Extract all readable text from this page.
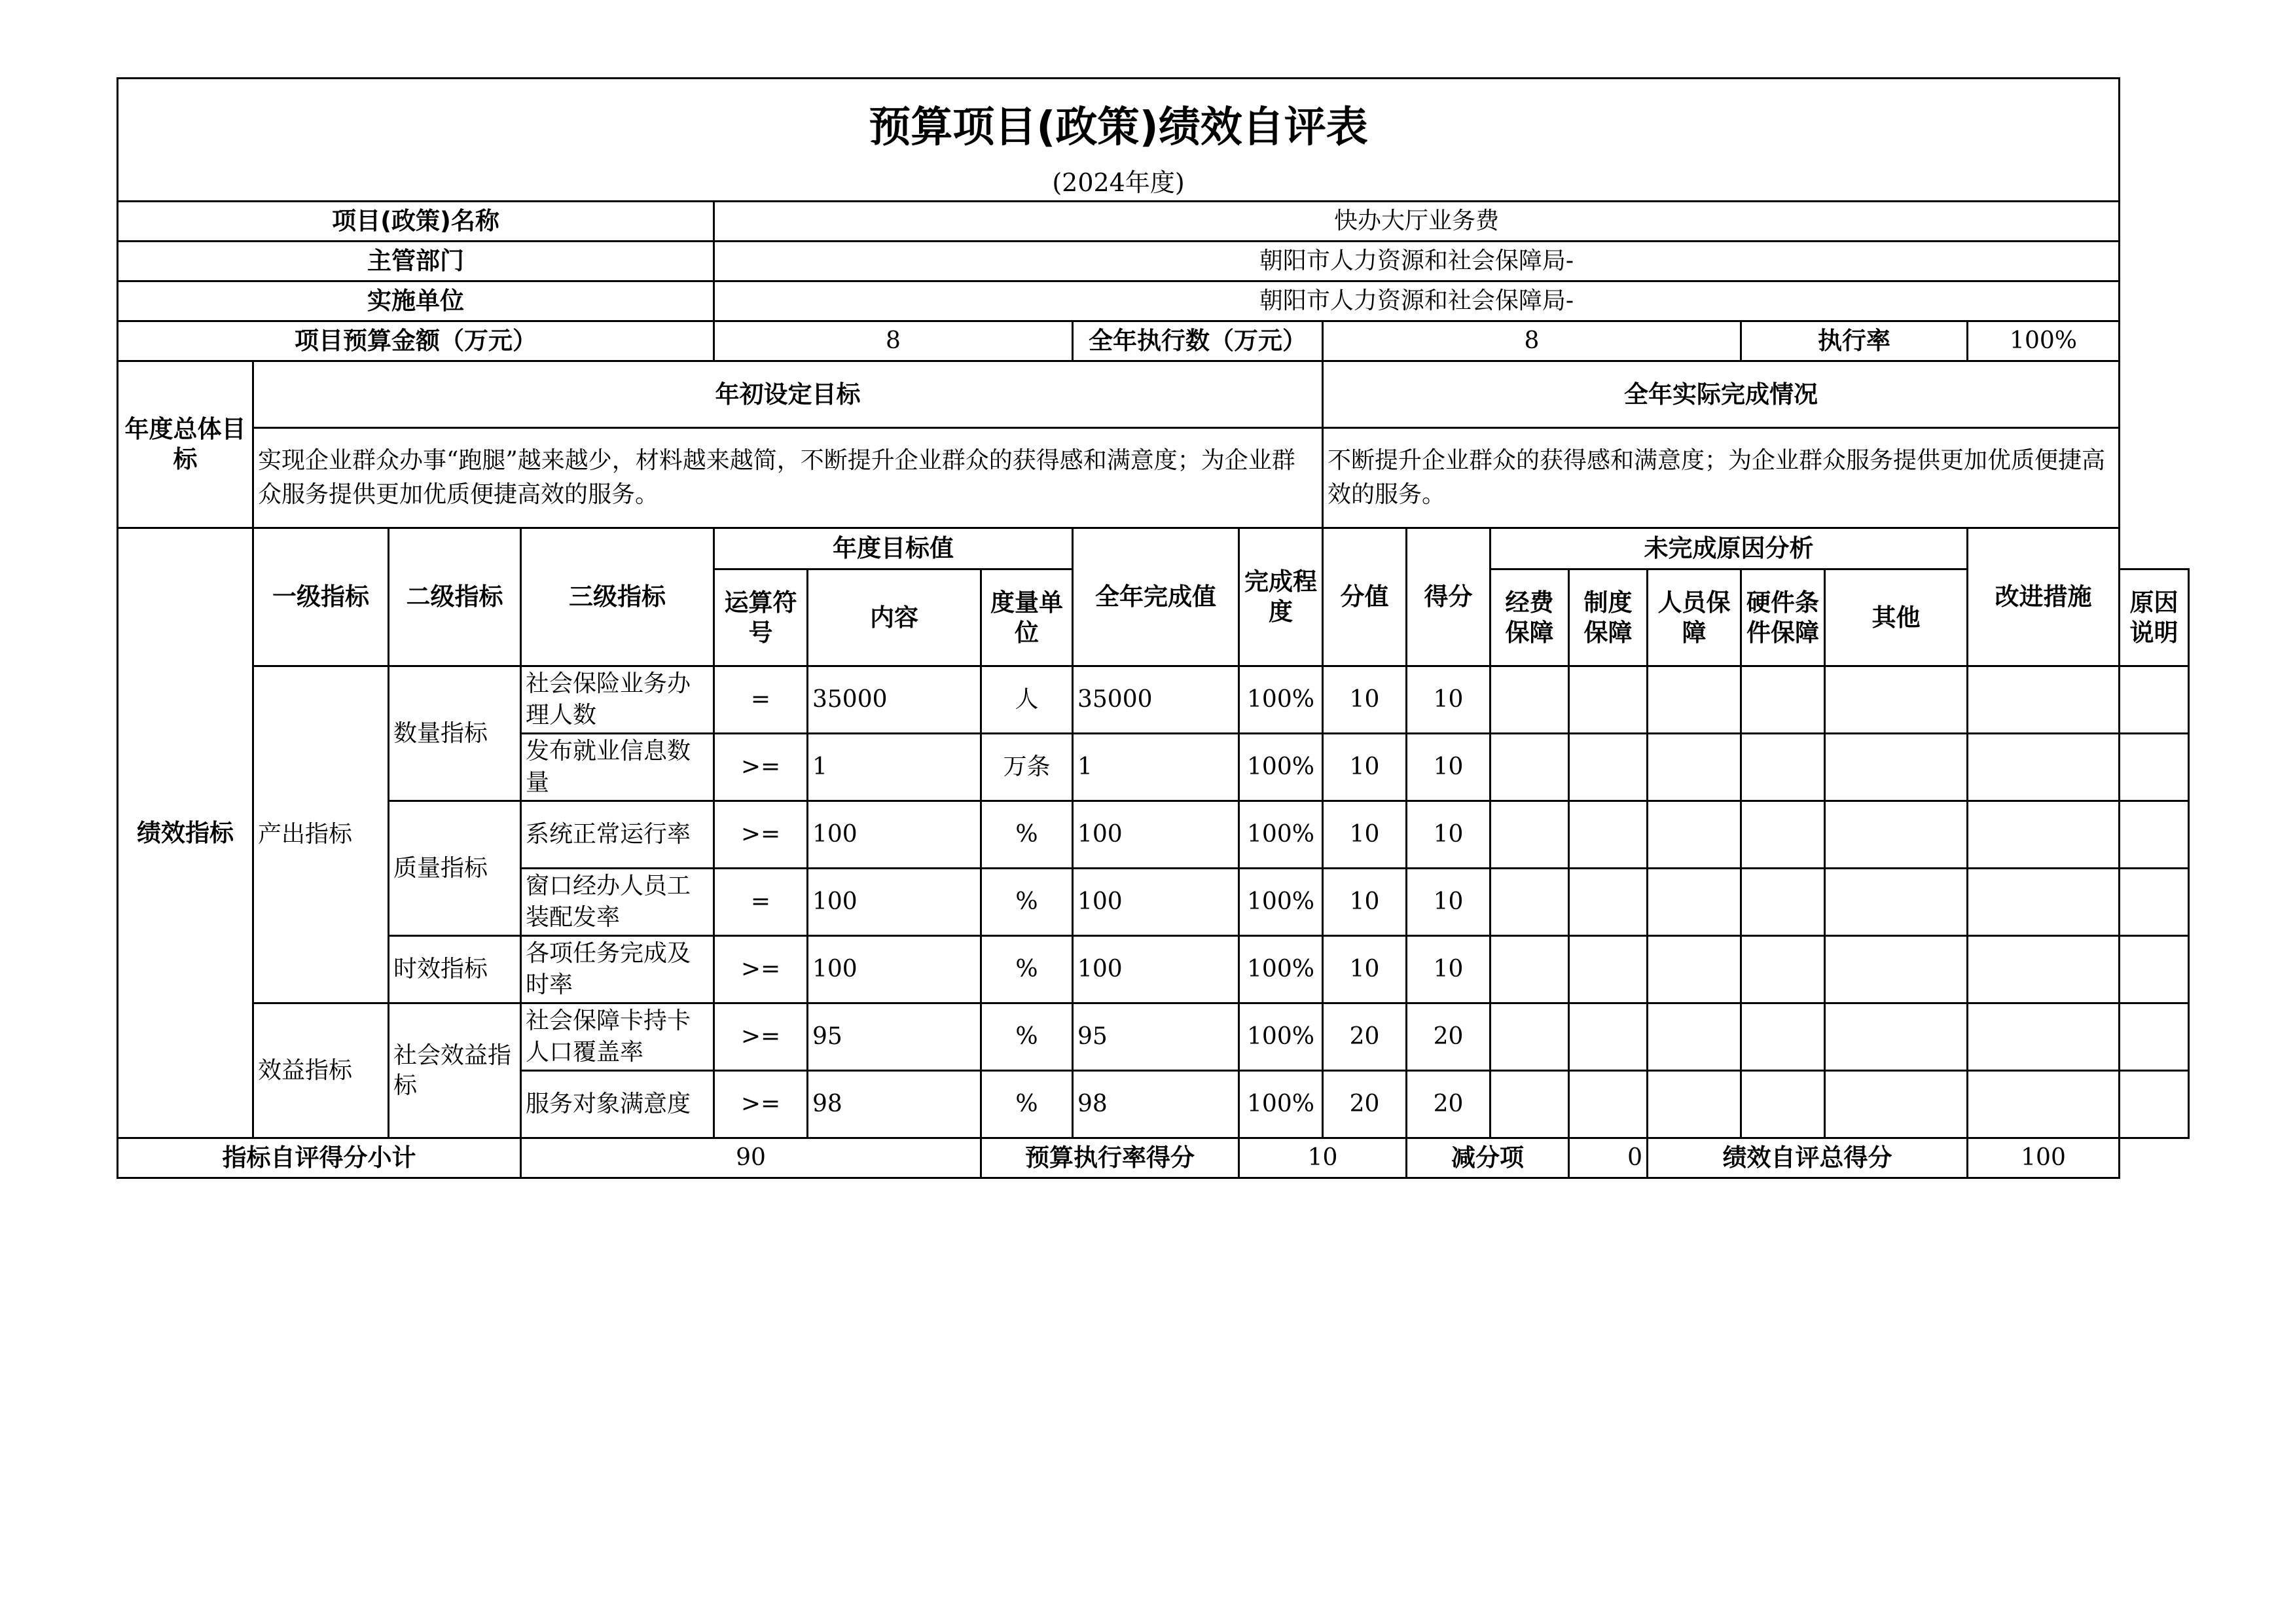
预算项目(政策)绩效自评表																	
(2024年度)																	
项目(政策)名称				快办大厅业务费													
主管部门				朝阳市人力资源和社会保障局-													
实施单位				朝阳市人力资源和社会保障局-													
项目预算金额（万元）				8			全年执行数（万元）		8					执行率		100%	
年度总体目标	年初设定目标								全年实际完成情况								
	实现企业群众办事“跑腿”越来越少，材料越来越简，不断提升企业群众的获得感和满意度；为企业群众服务提供更加优质便捷高效的服务。								不断提升企业群众的获得感和满意度；为企业群众服务提供更加优质便捷高效的服务。								
绩效指标	一级指标	二级指标	三级指标	年度目标值			全年完成值	完成程度	分值	得分	未完成原因分析					改进措施	
				运算符号	内容	度量单位					经费保障	制度保障	人员保障	硬件条件保障	其他		原因说明
	产出指标	数量指标	社会保险业务办理人数	=	35000	人	35000	100%	10	10							
			发布就业信息数量	>=	1	万条	1	100%	10	10							
		质量指标	系统正常运行率	>=	100	%	100	100%	10	10							
			窗口经办人员工装配发率	=	100	%	100	100%	10	10							
		时效指标	各项任务完成及时率	>=	100	%	100	100%	10	10							
	效益指标	社会效益指标	社会保障卡持卡人口覆盖率	>=	95	%	95	100%	20	20							
			服务对象满意度	>=	98	%	98	100%	20	20							
指标自评得分小计			90			预算执行率得分		10		减分项		0	绩效自评总得分			100	
